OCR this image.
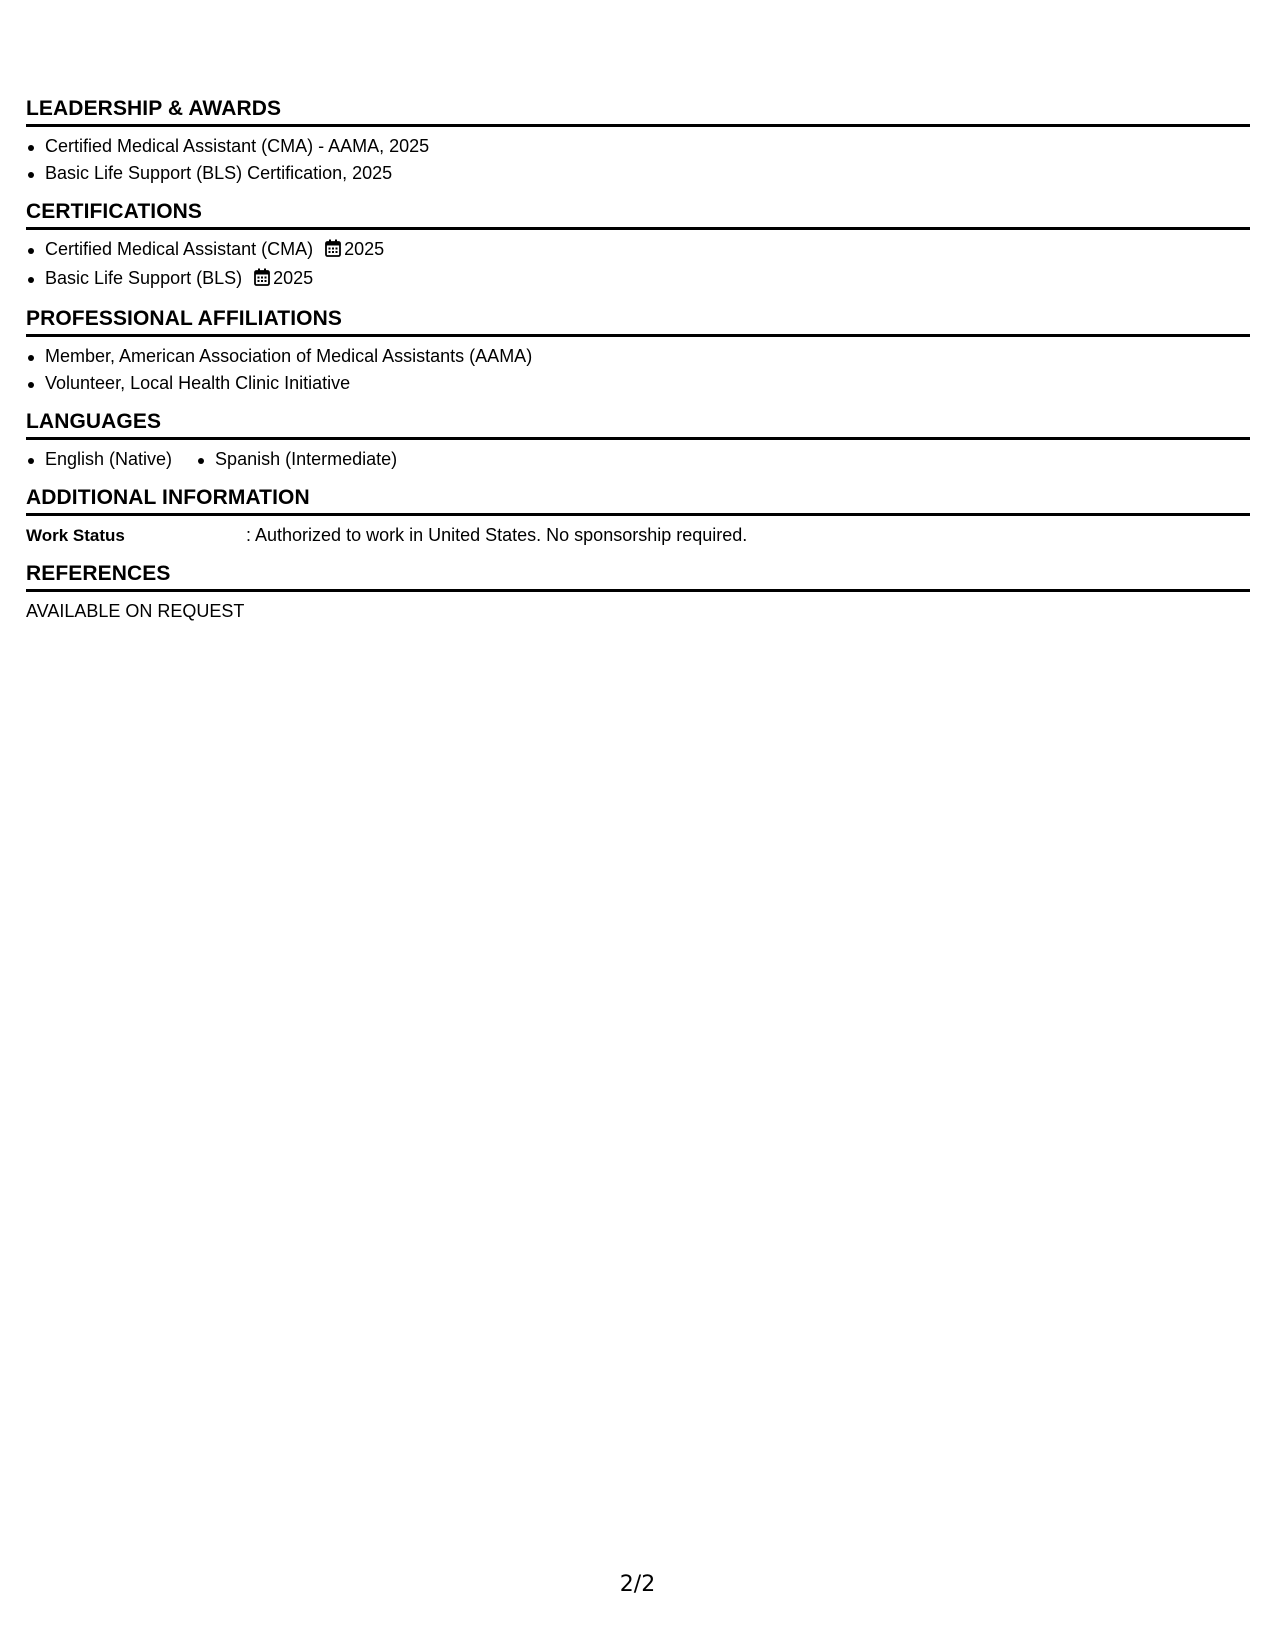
LEADERSHIP & AWARDS
Certified Medical Assistant (CMA) - AAMA, 2025
Basic Life Support (BLS) Certification, 2025
CERTIFICATIONS
Certified Medical Assistant (CMA) 2025
Basic Life Support (BLS) 2025
PROFESSIONAL AFFILIATIONS
Member, American Association of Medical Assistants (AAMA)
Volunteer, Local Health Clinic Initiative
LANGUAGES
English (Native)	Spanish (Intermediate)
ADDITIONAL INFORMATION
Work Status	: Authorized to work in United States. No sponsorship required.
REFERENCES

AVAILABLE ON REQUEST

2/2
